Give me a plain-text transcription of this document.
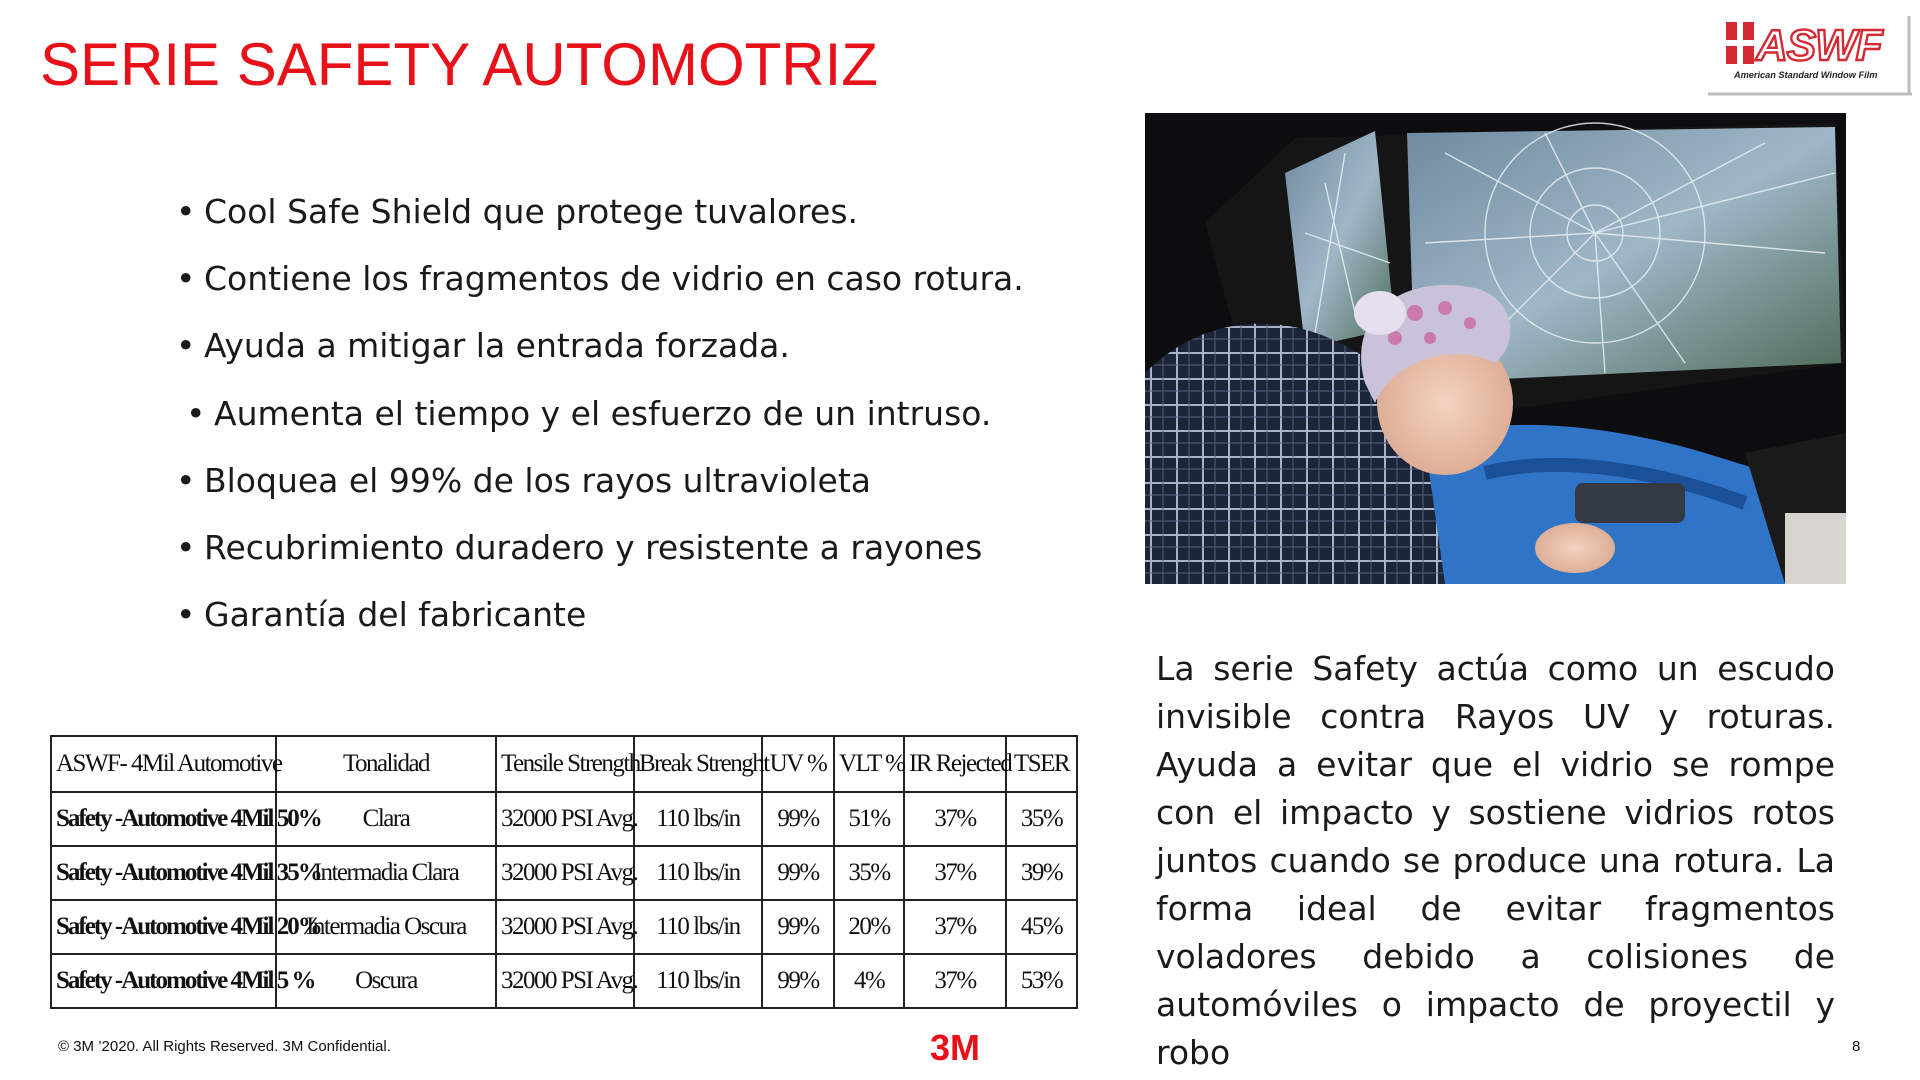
SERIE SAFETY AUTOMOTRIZ	ASWF
American Standard Window Film
• Cool Safe Shield que protege tuvalores.
• Contiene los fragmentos de vidrio en caso rotura.
• Ayuda a mitigar la entrada forzada.
• Aumenta el tiempo y el esfuerzo de un intruso.
• Bloquea el 99% de los rayos ultravioleta
• Recubrimiento duradero y resistente a rayones
• Garantía del fabricante
La serie Safety actúa como un escudo invisible contra Rayos UV y roturas. Ayuda a evitar que el vidrio se rompe con el impacto y sostiene vidrios rotos juntos cuando se produce una rotura. La forma ideal de evitar fragmentos voladores debido a colisiones de automóviles o impacto de proyectil y robo
ASWF- 4Mil Automotive	Tonalidad	Tensile Strength	Break Strenght	UV %	VLT %	IR Rejected	TSER
Safety -Automotive 4Mil 50%	Clara	32000 PSI Avg.	110 lbs/in	99%	51%	37%	35%
Safety -Automotive 4Mil 35%	Intermadia Clara	32000 PSI Avg.	110 lbs/in	99%	35%	37%	39%
Safety -Automotive 4Mil 20%	Intermadia Oscura	32000 PSI Avg.	110 lbs/in	99%	20%	37%	45%
Safety -Automotive 4Mil 5 %	Oscura	32000 PSI Avg.	110 lbs/in	99%	4%	37%	53%
© 3M ’2020. All Rights Reserved. 3M Confidential.	3M	8
